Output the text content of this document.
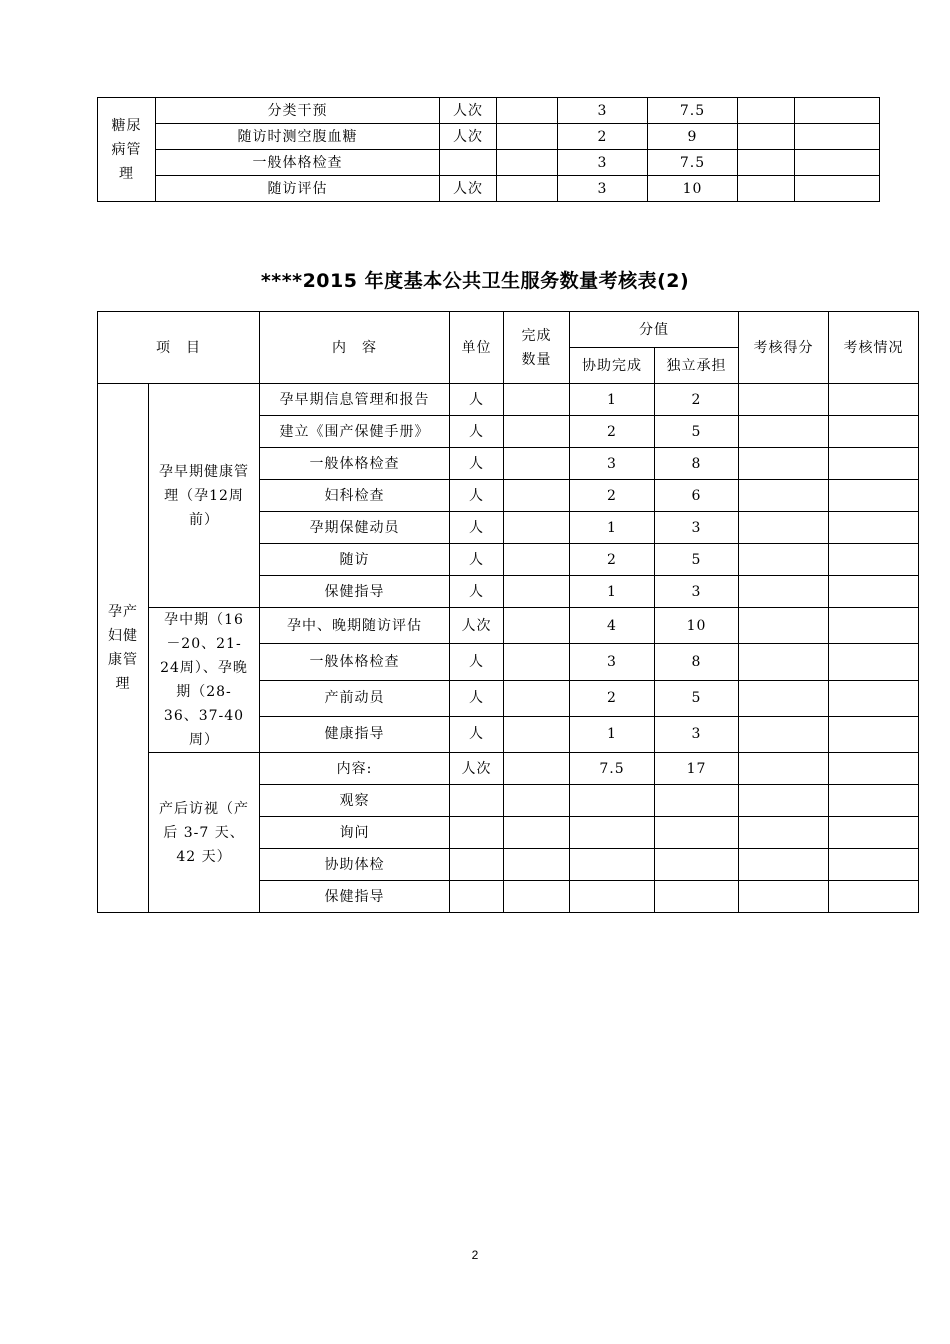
糖尿病管理	分类干预	人次		3	7.5		
	随访时测空腹血糖	人次		2	9		
	一般体格检查			3	7.5		
	随访评估	人次		3	10		
****2015 年度基本公共卫生服务数量考核表(2)
项　目		内　容	单位	完成数量	分值		考核得分	考核情况
					协助完成	独立承担		
孕产妇健康管理	孕早期健康管理（孕12周前）	孕早期信息管理和报告	人		1	2		
		建立《围产保健手册》	人		2	5		
		一般体格检查	人		3	8		
		妇科检查	人		2	6		
		孕期保健动员	人		1	3		
		随访	人		2	5		
		保健指导	人		1	3		
	孕中期（16－20、21-24周）、孕晚期（28-36、37-40周）	孕中、晚期随访评估	人次		4	10		
		一般体格检查	人		3	8		
		产前动员	人		2	5		
		健康指导	人		1	3		
	产后访视（产后 3-7 天、42 天）	内容:	人次		7.5	17		
		观察						
		询问						
		协助体检						
		保健指导						
2
